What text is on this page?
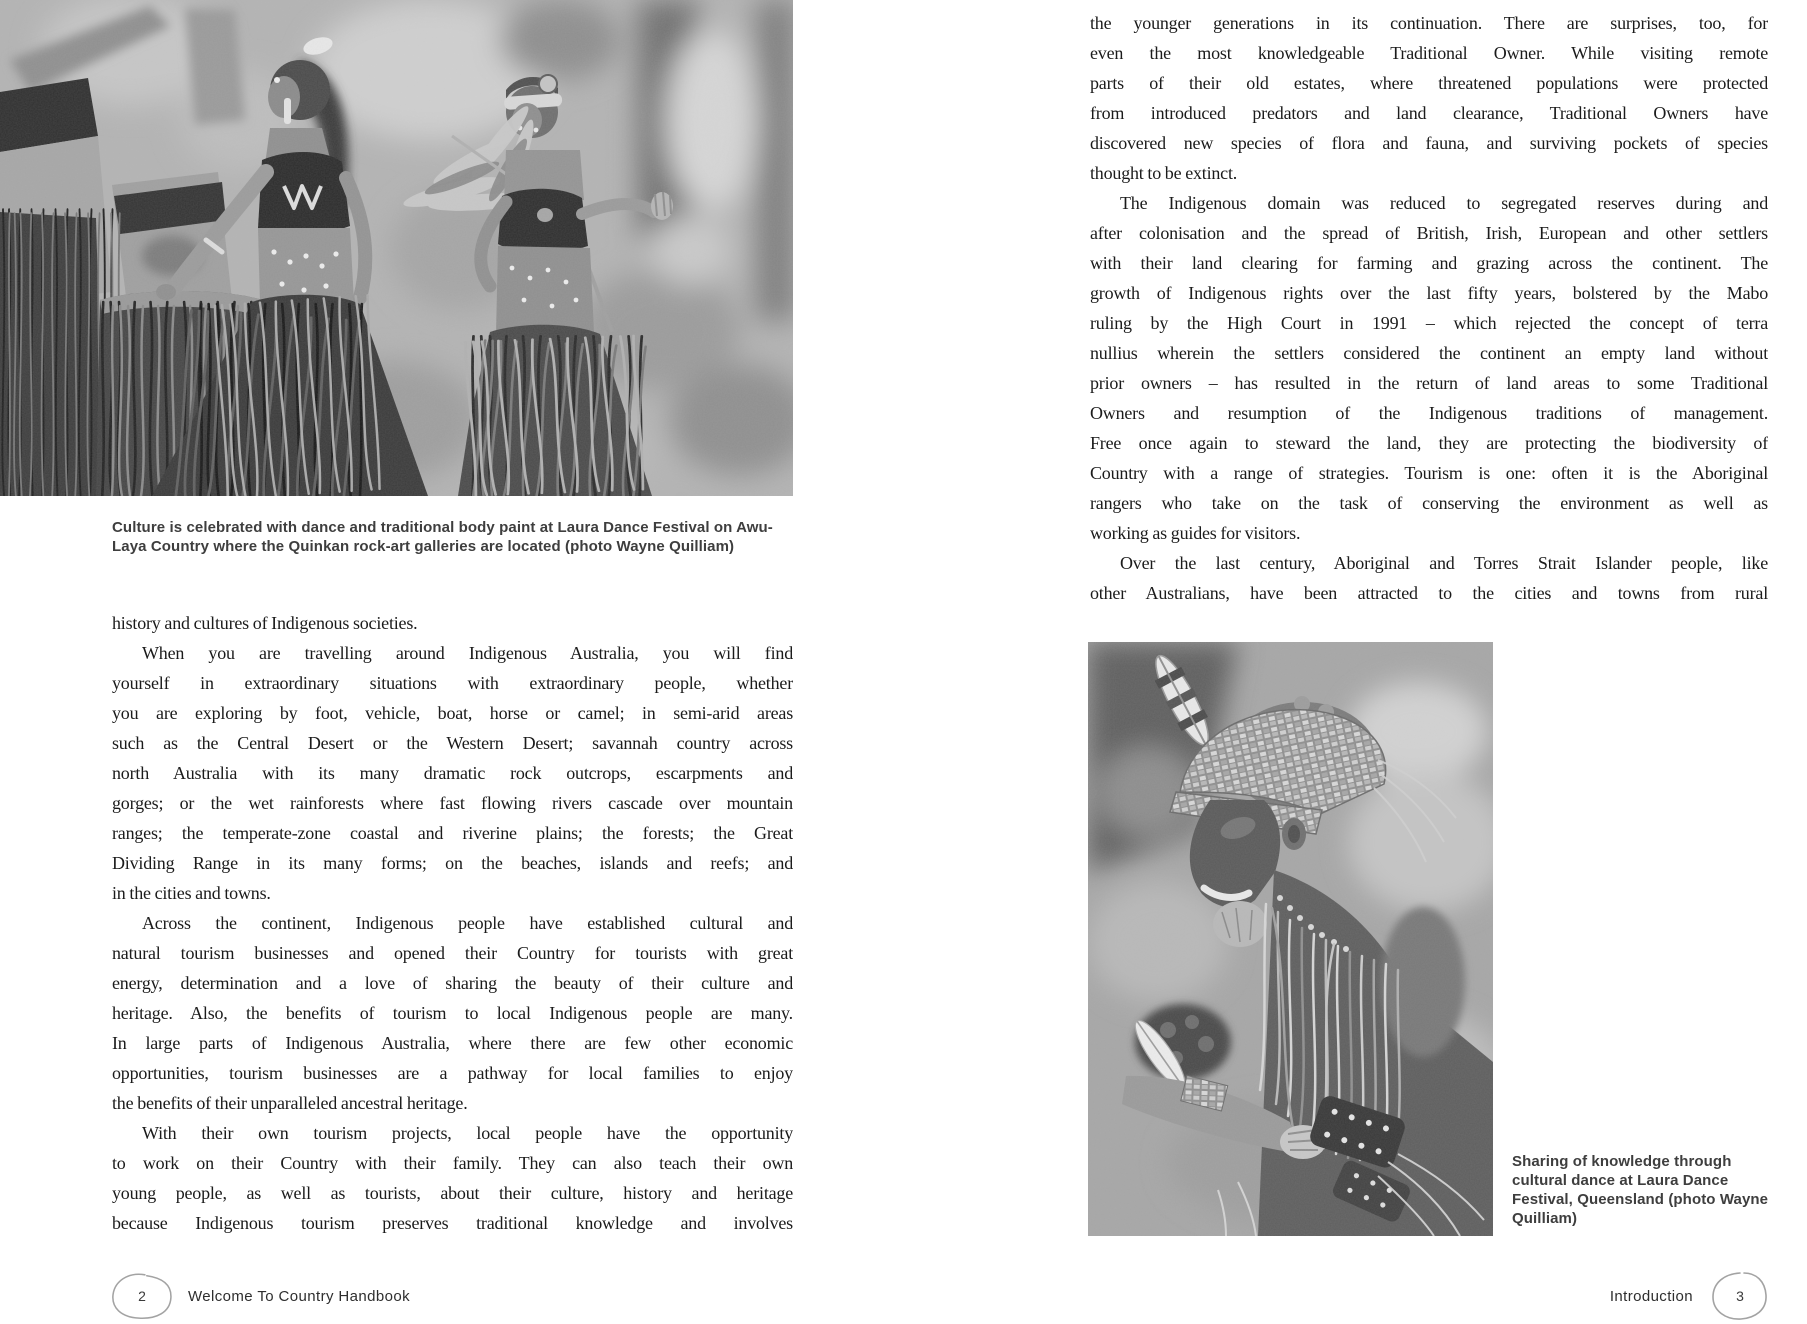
Culture is celebrated with dance and traditional body paint at Laura Dance Festival on Awu-
Laya Country where the Quinkan rock-art galleries are located (photo Wayne Quilliam)
history and cultures of Indigenous societies.
When you are travelling around Indigenous Australia, you will find
yourself in extraordinary situations with extraordinary people, whether
you are exploring by foot, vehicle, boat, horse or camel; in semi-arid areas
such as the Central Desert or the Western Desert; savannah country across
north Australia with its many dramatic rock outcrops, escarpments and
gorges; or the wet rainforests where fast flowing rivers cascade over mountain
ranges; the temperate-zone coastal and riverine plains; the forests; the Great
Dividing Range in its many forms; on the beaches, islands and reefs; and
in the cities and towns.
Across the continent, Indigenous people have established cultural and
natural tourism businesses and opened their Country for tourists with great
energy, determination and a love of sharing the beauty of their culture and
heritage. Also, the benefits of tourism to local Indigenous people are many.
In large parts of Indigenous Australia, where there are few other economic
opportunities, tourism businesses are a pathway for local families to enjoy
the benefits of their unparalleled ancestral heritage.
With their own tourism projects, local people have the opportunity
to work on their Country with their family. They can also teach their own
young people, as well as tourists, about their culture, history and heritage
because Indigenous tourism preserves traditional knowledge and involves
2	Welcome To Country Handbook
the younger generations in its continuation. There are surprises, too, for
even the most knowledgeable Traditional Owner. While visiting remote
parts of their old estates, where threatened populations were protected
from introduced predators and land clearance, Traditional Owners have
discovered new species of flora and fauna, and surviving pockets of species
thought to be extinct.
The Indigenous domain was reduced to segregated reserves during and
after colonisation and the spread of British, Irish, European and other settlers
with their land clearing for farming and grazing across the continent. The
growth of Indigenous rights over the last fifty years, bolstered by the Mabo
ruling by the High Court in 1991 – which rejected the concept of terra
nullius wherein the settlers considered the continent an empty land without
prior owners – has resulted in the return of land areas to some Traditional
Owners and resumption of the Indigenous traditions of management.
Free once again to steward the land, they are protecting the biodiversity of
Country with a range of strategies. Tourism is one: often it is the Aboriginal
rangers who take on the task of conserving the environment as well as
working as guides for visitors.
Over the last century, Aboriginal and Torres Strait Islander people, like
other Australians, have been attracted to the cities and towns from rural
Sharing of knowledge through
cultural dance at Laura Dance
Festival, Queensland (photo Wayne
Quilliam)
Introduction	3
